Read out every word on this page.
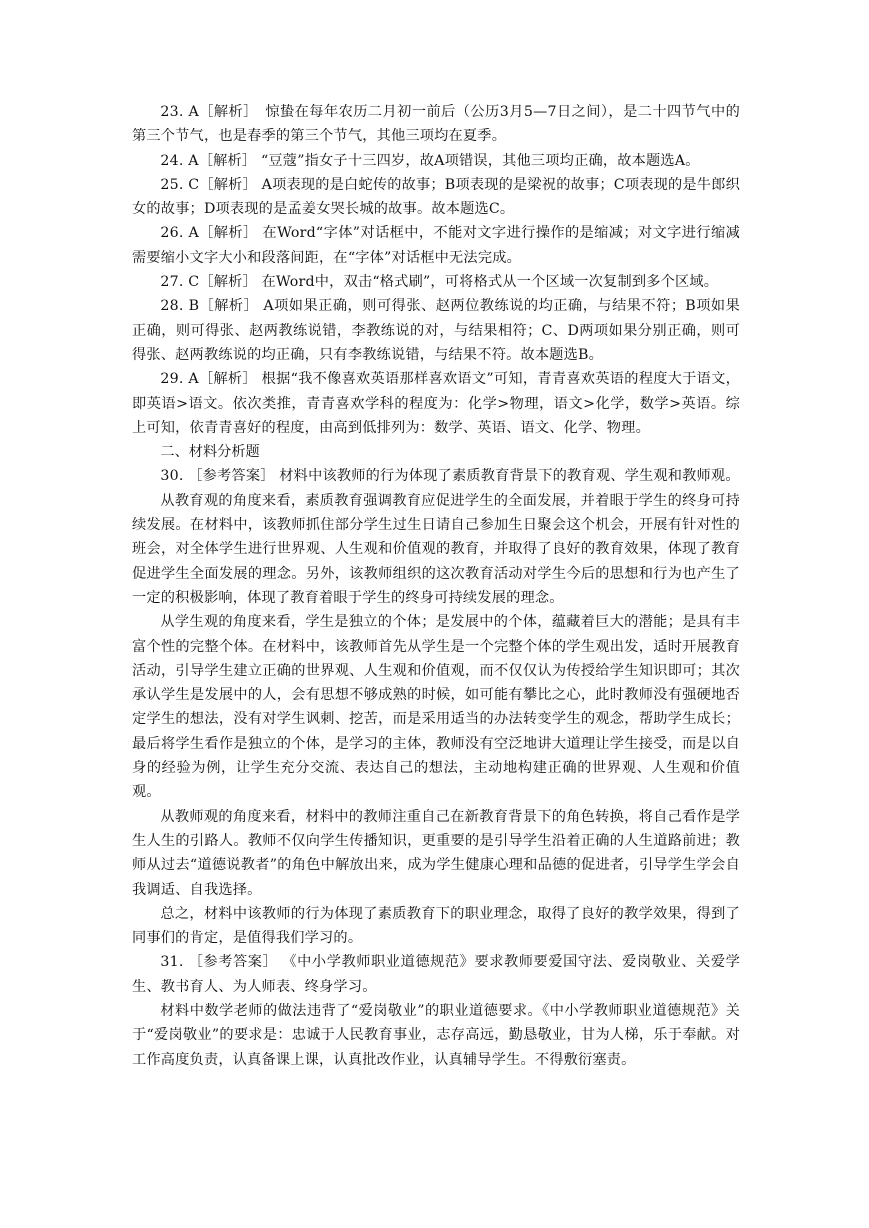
23. A［解析］　惊蛰在每年农历二月初一前后（公历3月5—7日之间），是二十四节气中的第三个节气，也是春季的第三个节气，其他三项均在夏季。

24. A［解析］ “豆蔻”指女子十三四岁，故A项错误，其他三项均正确，故本题选A。

25. C［解析］ A项表现的是白蛇传的故事；B项表现的是梁祝的故事；C项表现的是牛郎织女的故事；D项表现的是孟姜女哭长城的故事。故本题选C。

26. A［解析］ 在Word“字体”对话框中，不能对文字进行操作的是缩减；对文字进行缩减需要缩小文字大小和段落间距，在“字体”对话框中无法完成。

27. C［解析］ 在Word中，双击“格式刷”，可将格式从一个区域一次复制到多个区域。

28. B［解析］ A项如果正确，则可得张、赵两位教练说的均正确，与结果不符；B项如果正确，则可得张、赵两教练说错，李教练说的对，与结果相符；C、D两项如果分别正确，则可得张、赵两教练说的均正确，只有李教练说错，与结果不符。故本题选B。

29. A［解析］ 根据“我不像喜欢英语那样喜欢语文”可知，青青喜欢英语的程度大于语文，即英语>语文。依次类推，青青喜欢学科的程度为：化学>物理，语文>化学，数学>英语。综上可知，依青青喜好的程度，由高到低排列为：数学、英语、语文、化学、物理。

二、材料分析题

30. ［参考答案］ 材料中该教师的行为体现了素质教育背景下的教育观、学生观和教师观。

从教育观的角度来看，素质教育强调教育应促进学生的全面发展，并着眼于学生的终身可持续发展。在材料中，该教师抓住部分学生过生日请自己参加生日聚会这个机会，开展有针对性的班会，对全体学生进行世界观、人生观和价值观的教育，并取得了良好的教育效果，体现了教育促进学生全面发展的理念。另外，该教师组织的这次教育活动对学生今后的思想和行为也产生了一定的积极影响，体现了教育着眼于学生的终身可持续发展的理念。

从学生观的角度来看，学生是独立的个体；是发展中的个体，蕴藏着巨大的潜能；是具有丰富个性的完整个体。在材料中，该教师首先从学生是一个完整个体的学生观出发，适时开展教育活动，引导学生建立正确的世界观、人生观和价值观，而不仅仅认为传授给学生知识即可；其次承认学生是发展中的人，会有思想不够成熟的时候，如可能有攀比之心，此时教师没有强硬地否定学生的想法，没有对学生讽刺、挖苦，而是采用适当的办法转变学生的观念，帮助学生成长；最后将学生看作是独立的个体，是学习的主体，教师没有空泛地讲大道理让学生接受，而是以自身的经验为例，让学生充分交流、表达自己的想法，主动地构建正确的世界观、人生观和价值观。

从教师观的角度来看，材料中的教师注重自己在新教育背景下的角色转换，将自己看作是学生人生的引路人。教师不仅向学生传播知识，更重要的是引导学生沿着正确的人生道路前进；教师从过去“道德说教者”的角色中解放出来，成为学生健康心理和品德的促进者，引导学生学会自我调适、自我选择。

总之，材料中该教师的行为体现了素质教育下的职业理念，取得了良好的教学效果，得到了同事们的肯定，是值得我们学习的。

31. ［参考答案］ 《中小学教师职业道德规范》要求教师要爱国守法、爱岗敬业、关爱学生、教书育人、为人师表、终身学习。

材料中数学老师的做法违背了“爱岗敬业”的职业道德要求。《中小学教师职业道德规范》关于“爱岗敬业”的要求是：忠诚于人民教育事业，志存高远，勤恳敬业，甘为人梯，乐于奉献。对工作高度负责，认真备课上课，认真批改作业，认真辅导学生。不得敷衍塞责。
